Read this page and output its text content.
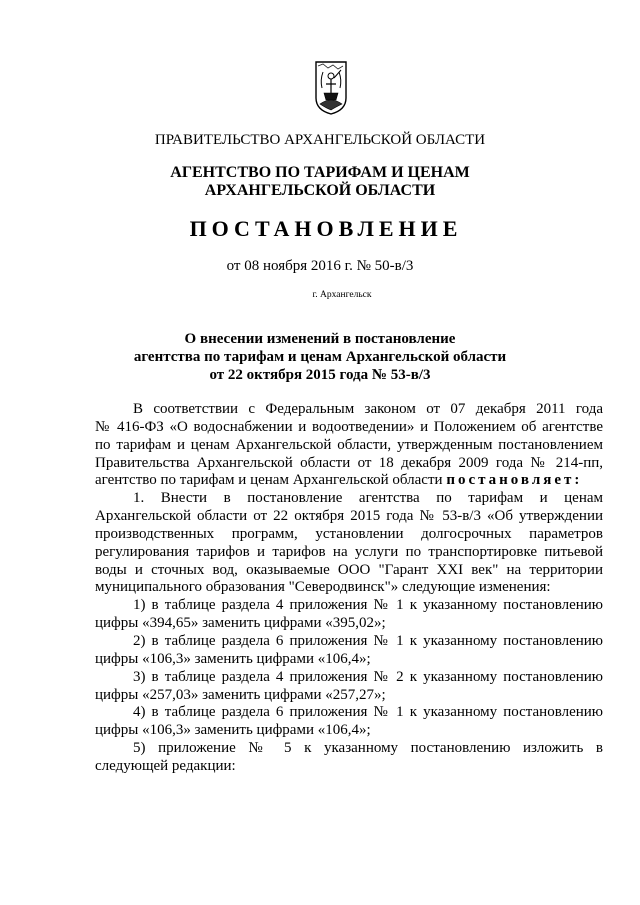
ПРАВИТЕЛЬСТВО АРХАНГЕЛЬСКОЙ ОБЛАСТИ
АГЕНТСТВО ПО ТАРИФАМ И ЦЕНАМ
АРХАНГЕЛЬСКОЙ ОБЛАСТИ
ПОСТАНОВЛЕНИЕ
от 08 ноября 2016 г. № 50-в/3
г. Архангельск
О внесении изменений в постановление
агентства по тарифам и ценам Архангельской области
от 22 октября 2015 года № 53-в/3
В соответствии с Федеральным законом от 07 декабря 2011 года
№ 416-ФЗ «О водоснабжении и водоотведении» и Положением об агентстве
по тарифам и ценам Архангельской области, утвержденным постановлением
Правительства Архангельской области от 18 декабря 2009 года № 214-пп,
агентство по тарифам и ценам Архангельской области постановляет:
1. Внести в постановление агентства по тарифам и ценам
Архангельской области от 22 октября 2015 года № 53-в/3 «Об утверждении
производственных программ, установлении долгосрочных параметров
регулирования тарифов и тарифов на услуги по транспортировке питьевой
воды и сточных вод, оказываемые ООО "Гарант XXI век" на территории
муниципального образования "Северодвинск"» следующие изменения:
1) в таблице раздела 4 приложения № 1 к указанному постановлению
цифры «394,65» заменить цифрами «395,02»;
2) в таблице раздела 6 приложения № 1 к указанному постановлению
цифры «106,3» заменить цифрами «106,4»;
3) в таблице раздела 4 приложения № 2 к указанному постановлению
цифры «257,03» заменить цифрами «257,27»;
4) в таблице раздела 6 приложения № 1 к указанному постановлению
цифры «106,3» заменить цифрами «106,4»;
5) приложение № 5 к указанному постановлению изложить в
следующей редакции:
